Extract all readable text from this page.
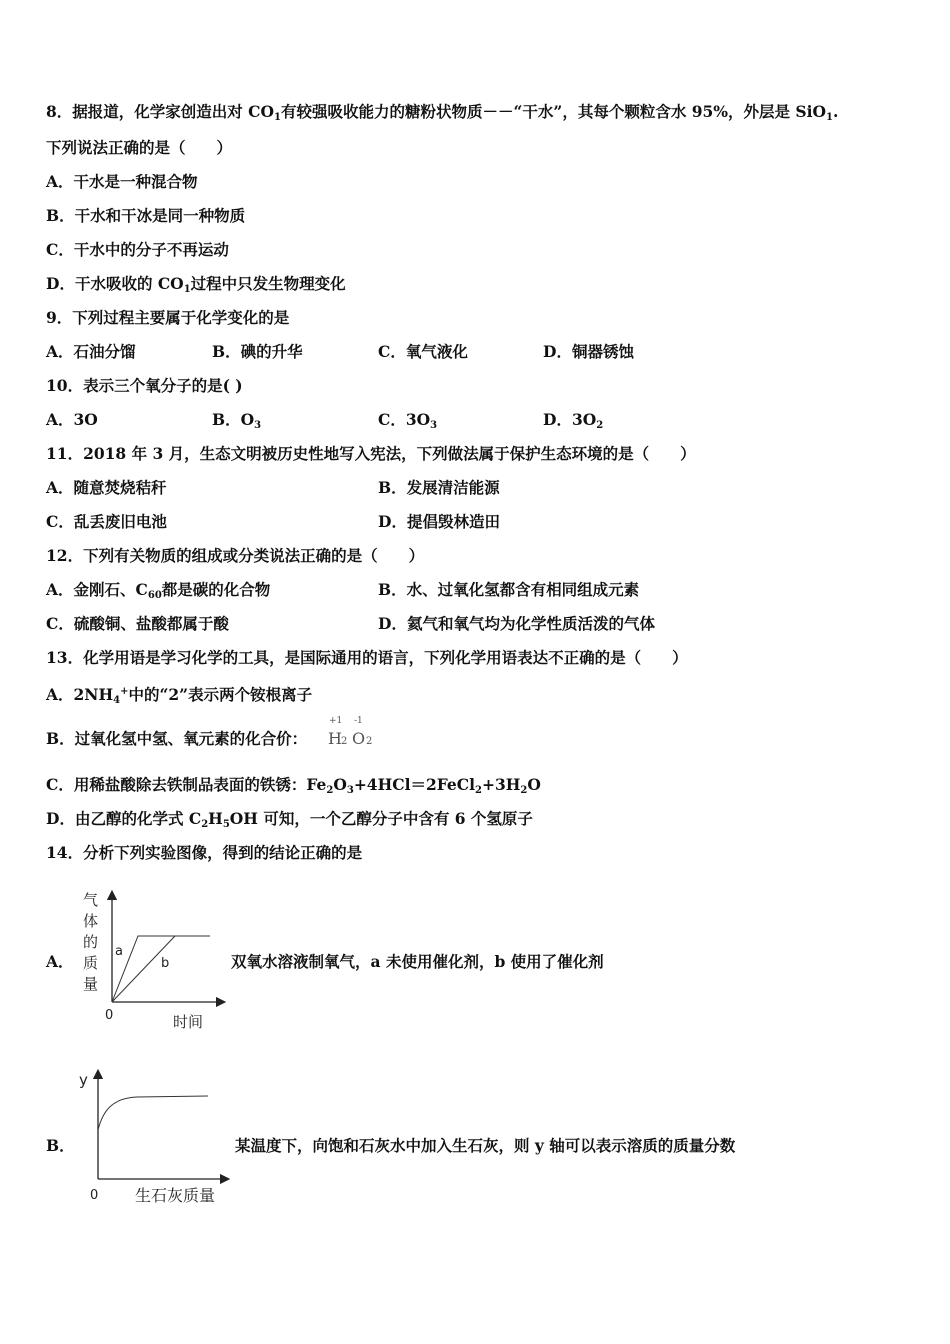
8．据报道，化学家创造出对 $CO_1$有较强吸收能力的糖粉状物质－－“干水”，其每个颗粒含水 95%，外层是 SiO$_1$.
下列说法正确的是（　　）
A．干水是一种混合物
B．干水和干冰是同一种物质
C．干水中的分子不再运动
D．干水吸收的 $CO_1$过程中只发生物理变化
9．下列过程主要属于化学变化的是
A．石油分馏	B．碘的升华	C．氧气液化	D．铜器锈蚀
10．表示三个氧分子的是( )
A．3O	B．$O_3$	C．$3O_3$	D．$3O_2$
11．2018 年 3 月，生态文明被历史性地写入宪法，下列做法属于保护生态环境的是（　　）
A．随意焚烧秸秆	B．发展清洁能源
C．乱丢废旧电池	D．提倡毁林造田
12．下列有关物质的组成或分类说法正确的是（　　）
A．金刚石、$C_{60}$都是碳的化合物	B．水、过氧化氢都含有相同组成元素
C．硫酸铜、盐酸都属于酸	D．氦气和氧气均为化学性质活泼的气体
13．化学用语是学习化学的工具，是国际通用的语言，下列化学用语表达不正确的是（　　）
A．$2NH_4^+$中的“2”表示两个铵根离子
B．过氧化氢中氢、氧元素的化合价：
+1 -1
H 2 O 2
C．用稀盐酸除去铁制品表面的铁锈：$Fe_2O_3+4HCl=2FeCl_2+3H_2O$
D．由乙醇的化学式 $C_2H_5OH$ 可知，一个乙醇分子中含有 6 个氢原子
14．分析下列实验图像，得到的结论正确的是
A．
气
体
的
质
量
a
b
0	时间
双氧水溶液制氧气，a 未使用催化剂，b 使用了催化剂
B．
y
0 生石灰质量
某温度下，向饱和石灰水中加入生石灰，则 y 轴可以表示溶质的质量分数
